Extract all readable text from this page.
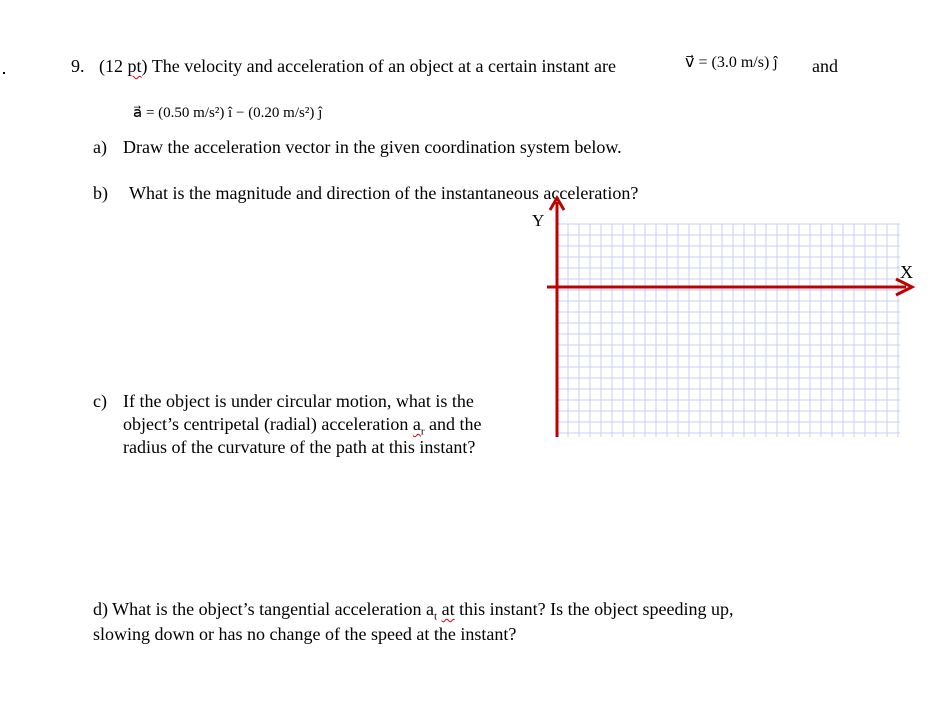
9. (12 pt) The velocity and acceleration of an object at a certain instant are	v⃗ = (3.0 m/s) ĵ and
a⃗ = (0.50 m/s²) î − (0.20 m/s²) ĵ
a) Draw the acceleration vector in the given coordination system below.
b) What is the magnitude and direction of the instantaneous acceleration?
c) If the object is under circular motion, what is the
object’s centripetal (radial) acceleration $a_r$ and the
radius of the curvature of the path at this instant?
d) What is the object’s tangential acceleration $a_t$ at this instant? Is the object speeding up,
slowing down or has no change of the speed at the instant?
X
Y
